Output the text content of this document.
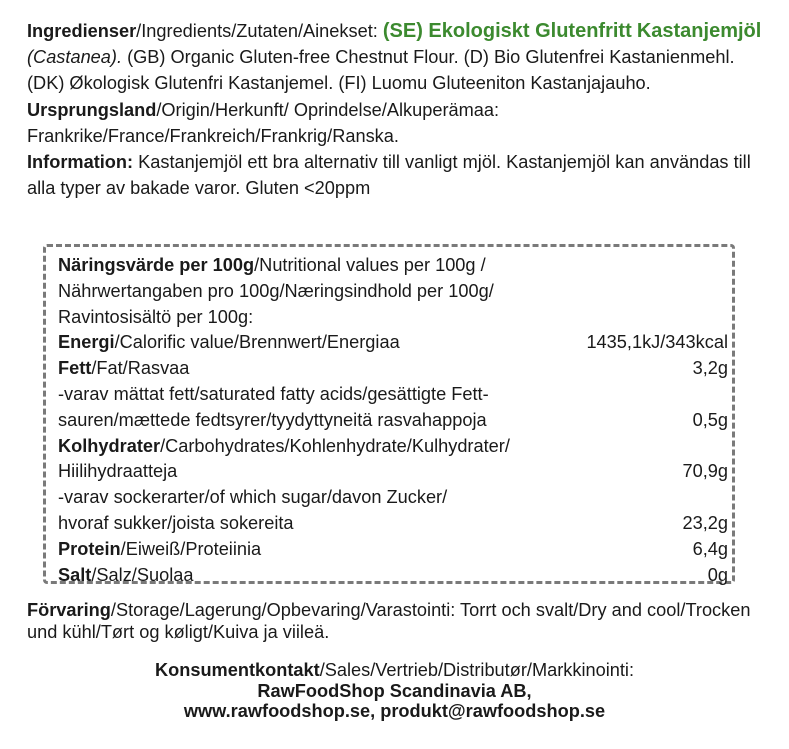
Ingredienser/Ingredients/Zutaten/Ainekset: (SE) Ekologiskt Glutenfritt Kastanjemjöl (Castanea). (GB) Organic Gluten-free Chestnut Flour. (D) Bio Glutenfrei Kastanienmehl. (DK) Økologisk Glutenfri Kastanjemel. (FI) Luomu Gluteeniton Kastanjajauho. Ursprungsland/Origin/Herkunft/ Oprindelse/Alkuperämaa: Frankrike/France/Frankreich/Frankrig/Ranska.
Information: Kastanjemjöl ett bra alternativ till vanligt mjöl. Kastanjemjöl kan användas till alla typer av bakade varor. Gluten <20ppm
Näringsvärde per 100g/Nutritional values per 100g /
Nährwertangaben pro 100g/Næringsindhold per 100g/
Ravintosisältö per 100g:
Energi/Calorific value/Brennwert/Energiaa	1435,1kJ/343kcal
Fett/Fat/Rasvaa	3,2g
-varav mättat fett/saturated fatty acids/gesättigte Fett-
sauren/mættede fedtsyrer/tyydyttyneitä rasvahappoja	0,5g
Kolhydrater/Carbohydrates/Kohlenhydrate/Kulhydrater/
Hiilihydraatteja	70,9g
-varav sockerarter/of which sugar/davon Zucker/
hvoraf sukker/joista sokereita	23,2g
Protein/Eiweiß/Proteiinia	6,4g
Salt/Salz/Suolaa	0g
Förvaring/Storage/Lagerung/Opbevaring/Varastointi: Torrt och svalt/Dry and cool/Trocken und kühl/Tørt og køligt/Kuiva ja viileä.
Konsumentkontakt/Sales/Vertrieb/Distributør/Markkinointi:
RawFoodShop Scandinavia AB,
www.rawfoodshop.se, produkt@rawfoodshop.se
